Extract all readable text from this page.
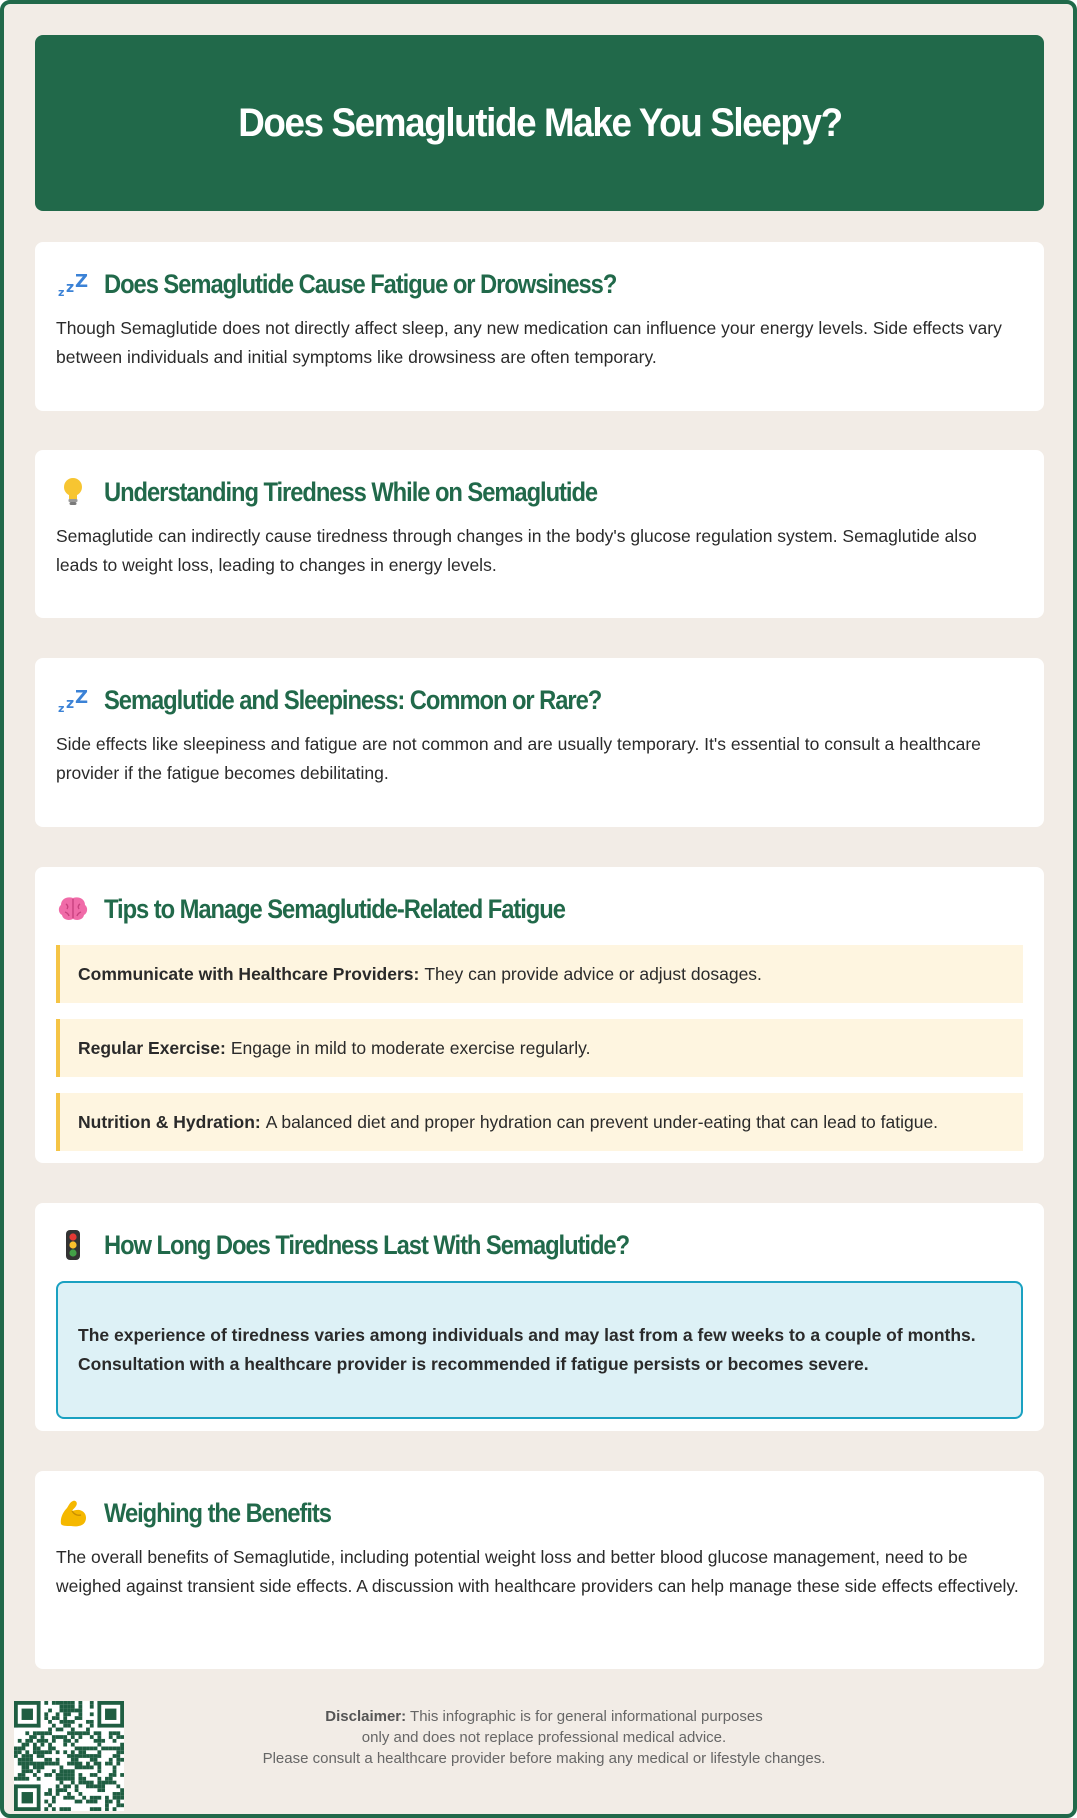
Does Semaglutide Make You Sleepy?
z z Z Does Semaglutide Cause Fatigue or Drowsiness?

Though Semaglutide does not directly affect sleep, any new medication can influence your energy levels. Side effects vary between individuals and initial symptoms like drowsiness are often temporary.

Understanding Tiredness While on Semaglutide

Semaglutide can indirectly cause tiredness through changes in the body's glucose regulation system. Semaglutide also leads to weight loss, leading to changes in energy levels.

z z Z Semaglutide and Sleepiness: Common or Rare?

Side effects like sleepiness and fatigue are not common and are usually temporary. It's essential to consult a healthcare provider if the fatigue becomes debilitating.

Tips to Manage Semaglutide-Related Fatigue
Communicate with Healthcare Providers: They can provide advice or adjust dosages.
Regular Exercise: Engage in mild to moderate exercise regularly.
Nutrition & Hydration: A balanced diet and proper hydration can prevent under-eating that can lead to fatigue.
How Long Does Tiredness Last With Semaglutide?
The experience of tiredness varies among individuals and may last from a few weeks to a couple of months. Consultation with a healthcare provider is recommended if fatigue persists or becomes severe.
Weighing the Benefits

The overall benefits of Semaglutide, including potential weight loss and better blood glucose management, need to be weighed against transient side effects. A discussion with healthcare providers can help manage these side effects effectively.

Disclaimer: This infographic is for general informational purposes
only and does not replace professional medical advice.
Please consult a healthcare provider before making any medical or lifestyle changes.
